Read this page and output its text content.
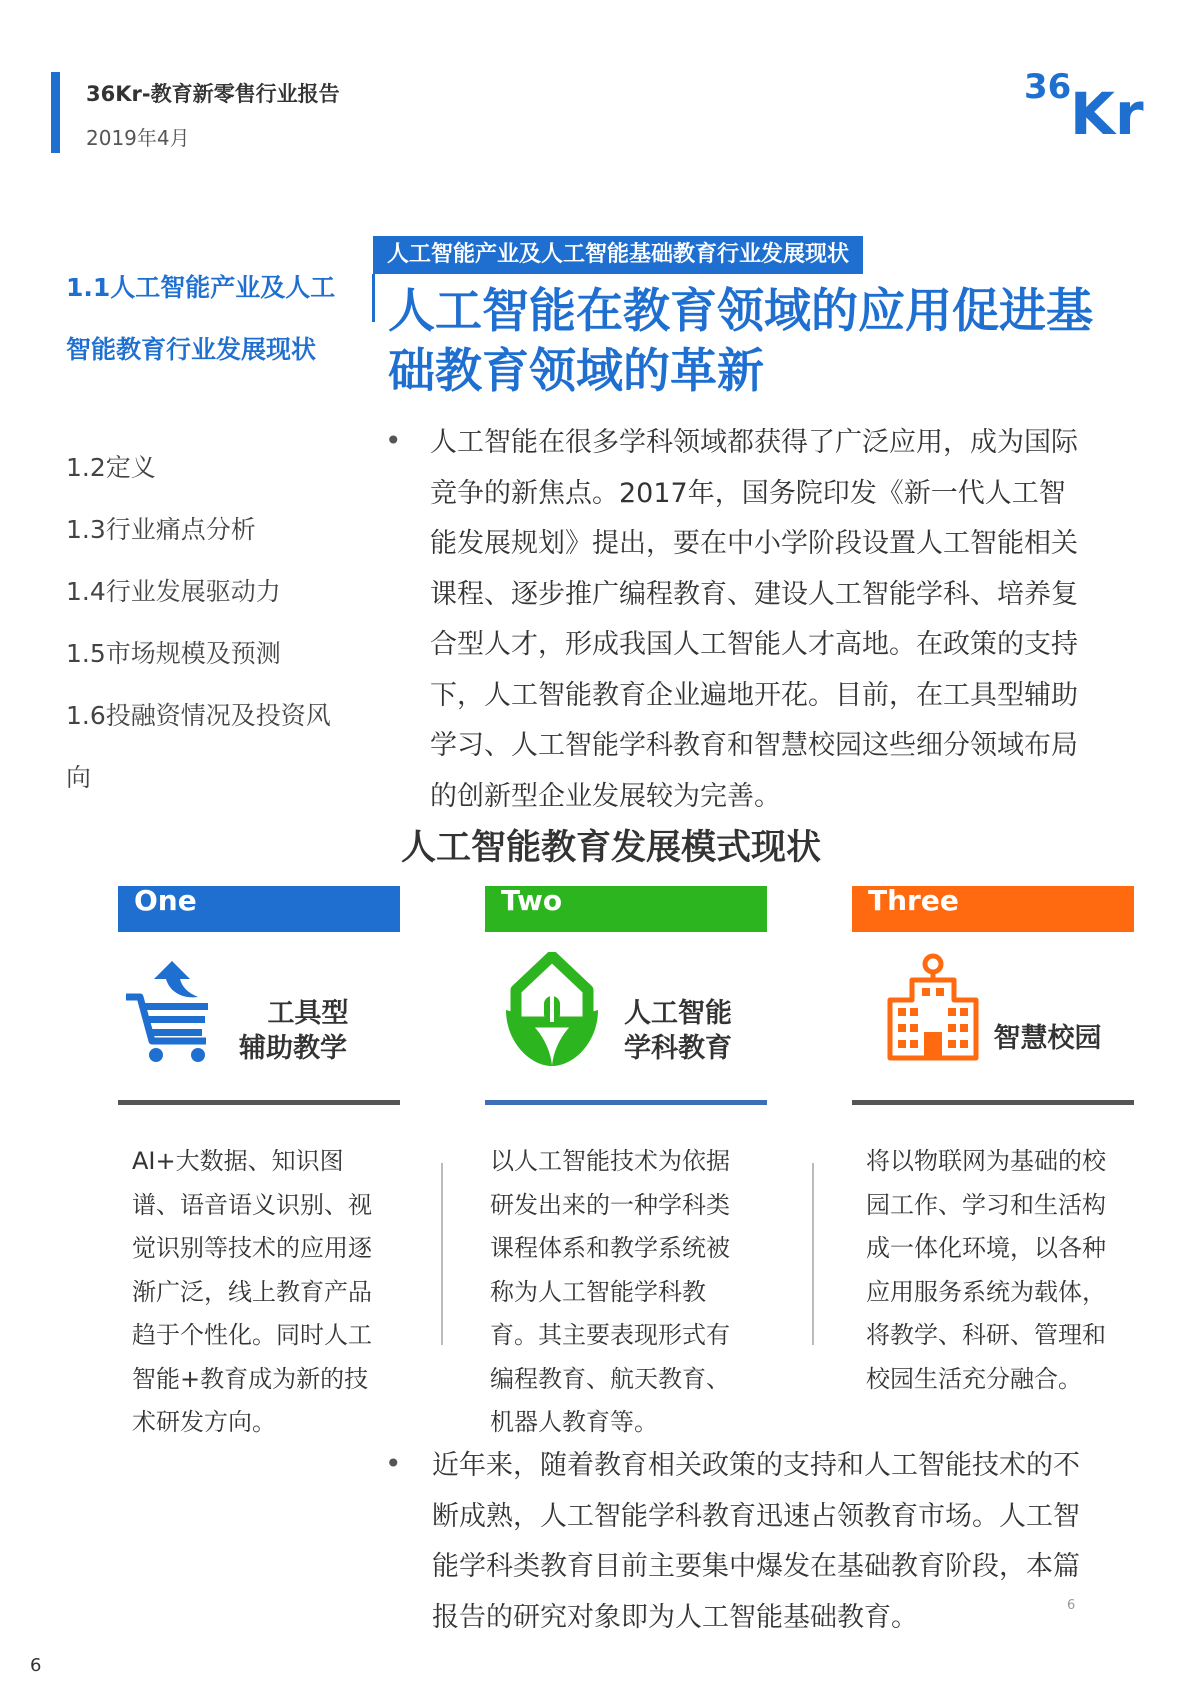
36Kr-教育新零售行业报告
2019年4月
36
Kr
1.1人工智能产业及人工智能教育行业发展现状
1.2定义
1.3行业痛点分析
1.4行业发展驱动力
1.5市场规模及预测
1.6投融资情况及投资风向
人工智能产业及人工智能基础教育行业发展现状
人工智能在教育领域的应用促进基础教育领域的革新
• 人工智能在很多学科领域都获得了广泛应用，成为国际竞争的新焦点。2017年，国务院印发《新一代人工智能发展规划》提出，要在中小学阶段设置人工智能相关课程、逐步推广编程教育、建设人工智能学科、培养复合型人才，形成我国人工智能人才高地。在政策的支持下，人工智能教育企业遍地开花。目前，在工具型辅助学习、人工智能学科教育和智慧校园这些细分领域布局的创新型企业发展较为完善。
人工智能教育发展模式现状
One	Two	Three
工具型
辅助教学
人工智能
学科教育	智慧校园
AI+大数据、知识图谱、语音语义识别、视觉识别等技术的应用逐渐广泛，线上教育产品趋于个性化。同时人工智能+教育成为新的技术研发方向。
以人工智能技术为依据研发出来的一种学科类课程体系和教学系统被称为人工智能学科教育。其主要表现形式有编程教育、航天教育、机器人教育等。
将以物联网为基础的校园工作、学习和生活构成一体化环境，以各种应用服务系统为载体，将教学、科研、管理和校园生活充分融合。
• 近年来，随着教育相关政策的支持和人工智能技术的不断成熟，人工智能学科教育迅速占领教育市场。人工智能学科类教育目前主要集中爆发在基础教育阶段，本篇报告的研究对象即为人工智能基础教育。	6
6
